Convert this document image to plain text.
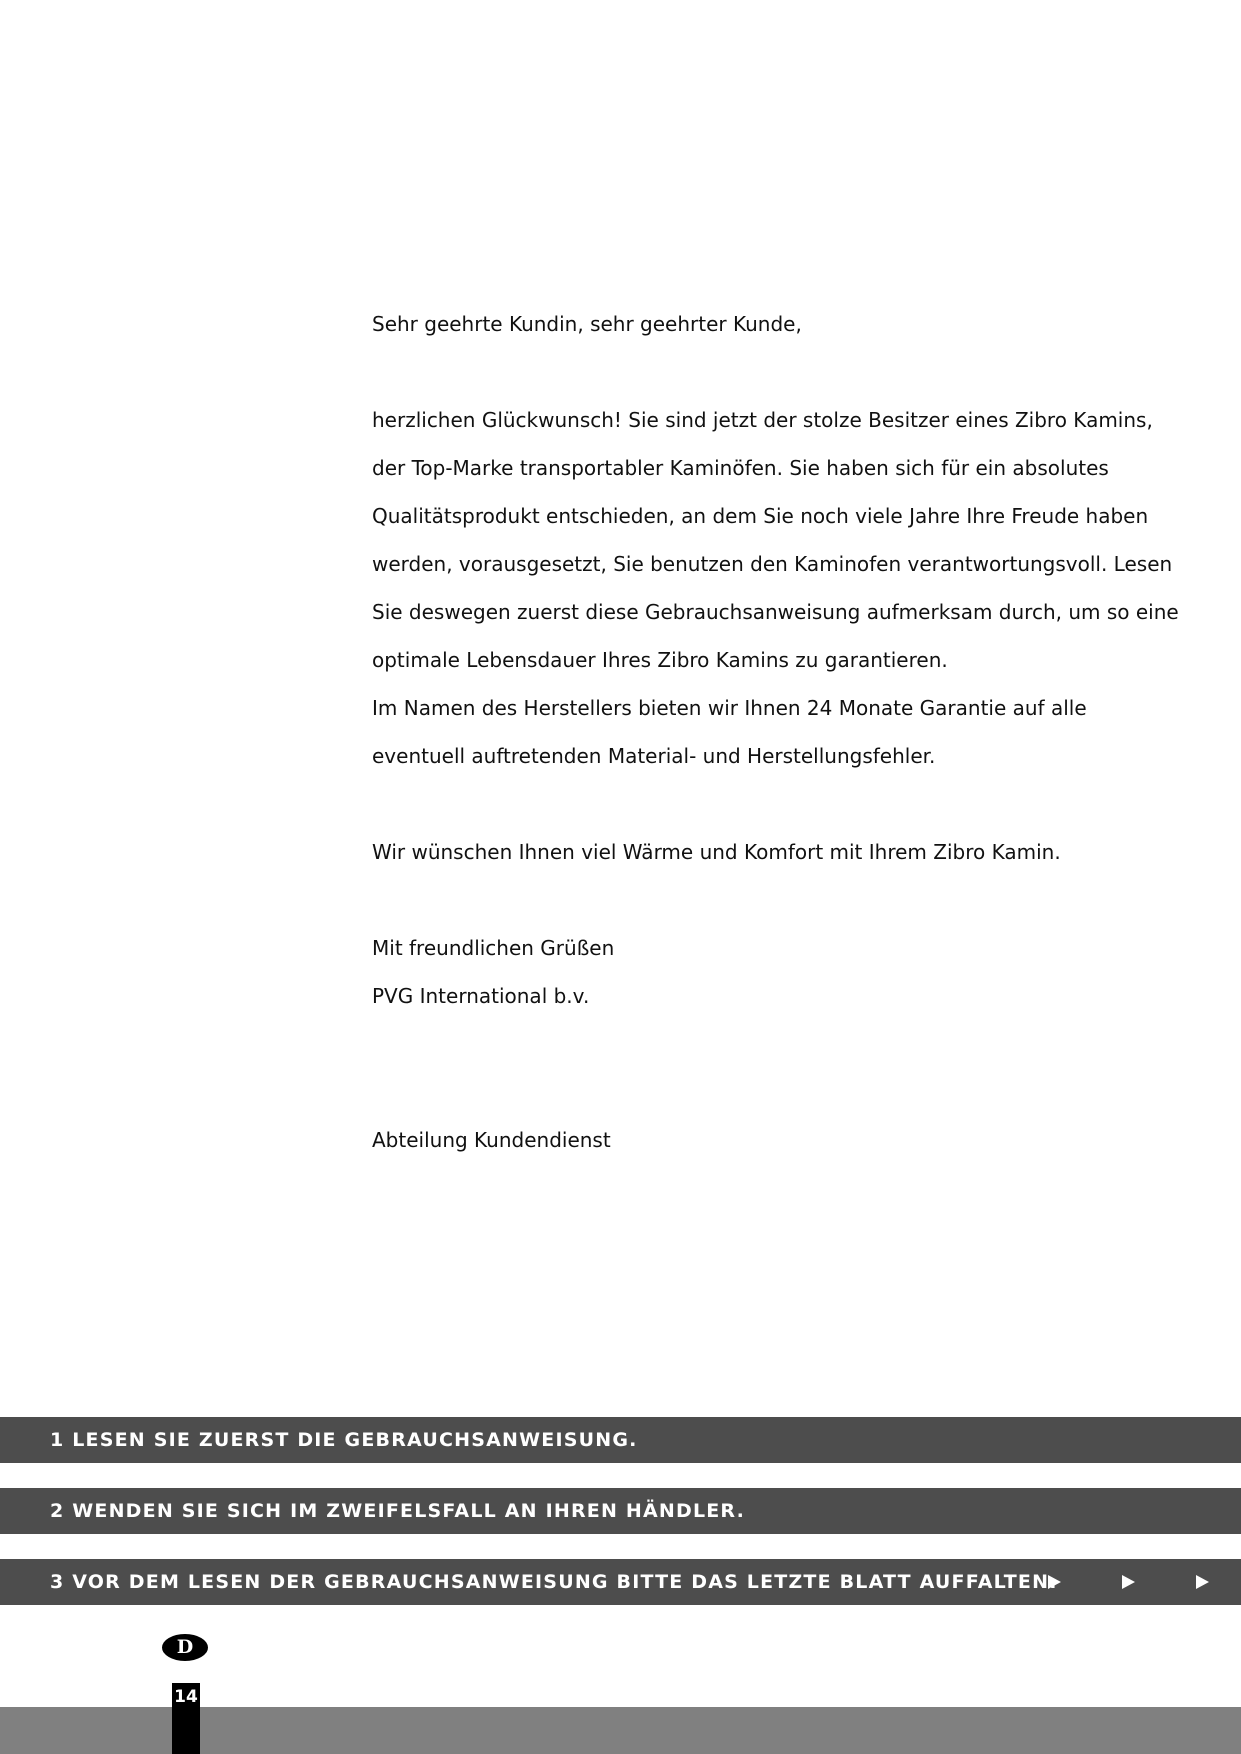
Sehr geehrte Kundin, sehr geehrter Kunde,

herzlichen Glückwunsch! Sie sind jetzt der stolze Besitzer eines Zibro Kamins,

der Top-Marke transportabler Kaminöfen. Sie haben sich für ein absolutes

Qualitätsprodukt entschieden, an dem Sie noch viele Jahre Ihre Freude haben

werden, vorausgesetzt, Sie benutzen den Kaminofen verantwortungsvoll. Lesen

Sie deswegen zuerst diese Gebrauchsanweisung aufmerksam durch, um so eine

optimale Lebensdauer Ihres Zibro Kamins zu garantieren.

Im Namen des Herstellers bieten wir Ihnen 24 Monate Garantie auf alle

eventuell auftretenden Material- und Herstellungsfehler.

Wir wünschen Ihnen viel Wärme und Komfort mit Ihrem Zibro Kamin.

Mit freundlichen Grüßen

PVG International b.v.

Abteilung Kundendienst

1 LESEN SIE ZUERST DIE GEBRAUCHSANWEISUNG.
2 WENDEN SIE SICH IM ZWEIFELSFALL AN IHREN HÄNDLER.
3 VOR DEM LESEN DER GEBRAUCHSANWEISUNG BITTE DAS LETZTE BLATT AUFFALTEN.
D
14
